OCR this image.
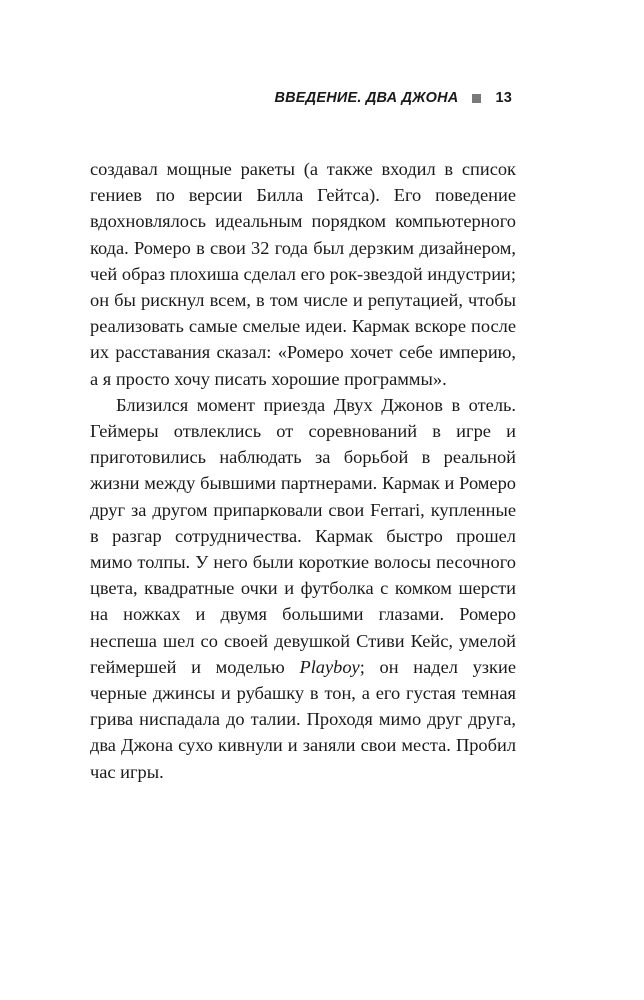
ВВЕДЕНИЕ. ДВА ДЖОНА	13

создавал мощные ракеты (а также входил в список гениев по версии Билла Гейтса). Его поведение вдохновлялось идеальным порядком компьютерного кода. Ромеро в свои 32 года был дерзким дизайнером, чей образ плохиша сделал его рок-звездой индустрии; он бы рискнул всем, в том числе и репутацией, чтобы реализовать самые смелые идеи. Кармак вскоре после их расставания сказал: «Ромеро хочет себе империю, а я просто хочу писать хорошие программы».

Близился момент приезда Двух Джонов в отель. Геймеры отвлеклись от соревнований в игре и приготовились наблюдать за борьбой в реальной жизни между бывшими партнерами. Кармак и Ромеро друг за другом припарковали свои Ferrari, купленные в разгар сотрудничества. Кармак быстро прошел мимо толпы. У него были короткие волосы песочного цвета, квадратные очки и футболка с комком шерсти на ножках и двумя большими глазами. Ромеро неспеша шел со своей девушкой Стиви Кейс, умелой геймершей и моделью Playboy; он надел узкие черные джинсы и рубашку в тон, а его густая темная грива ниспадала до талии. Проходя мимо друг друга, два Джона сухо кивнули и заняли свои места. Пробил час игры.
